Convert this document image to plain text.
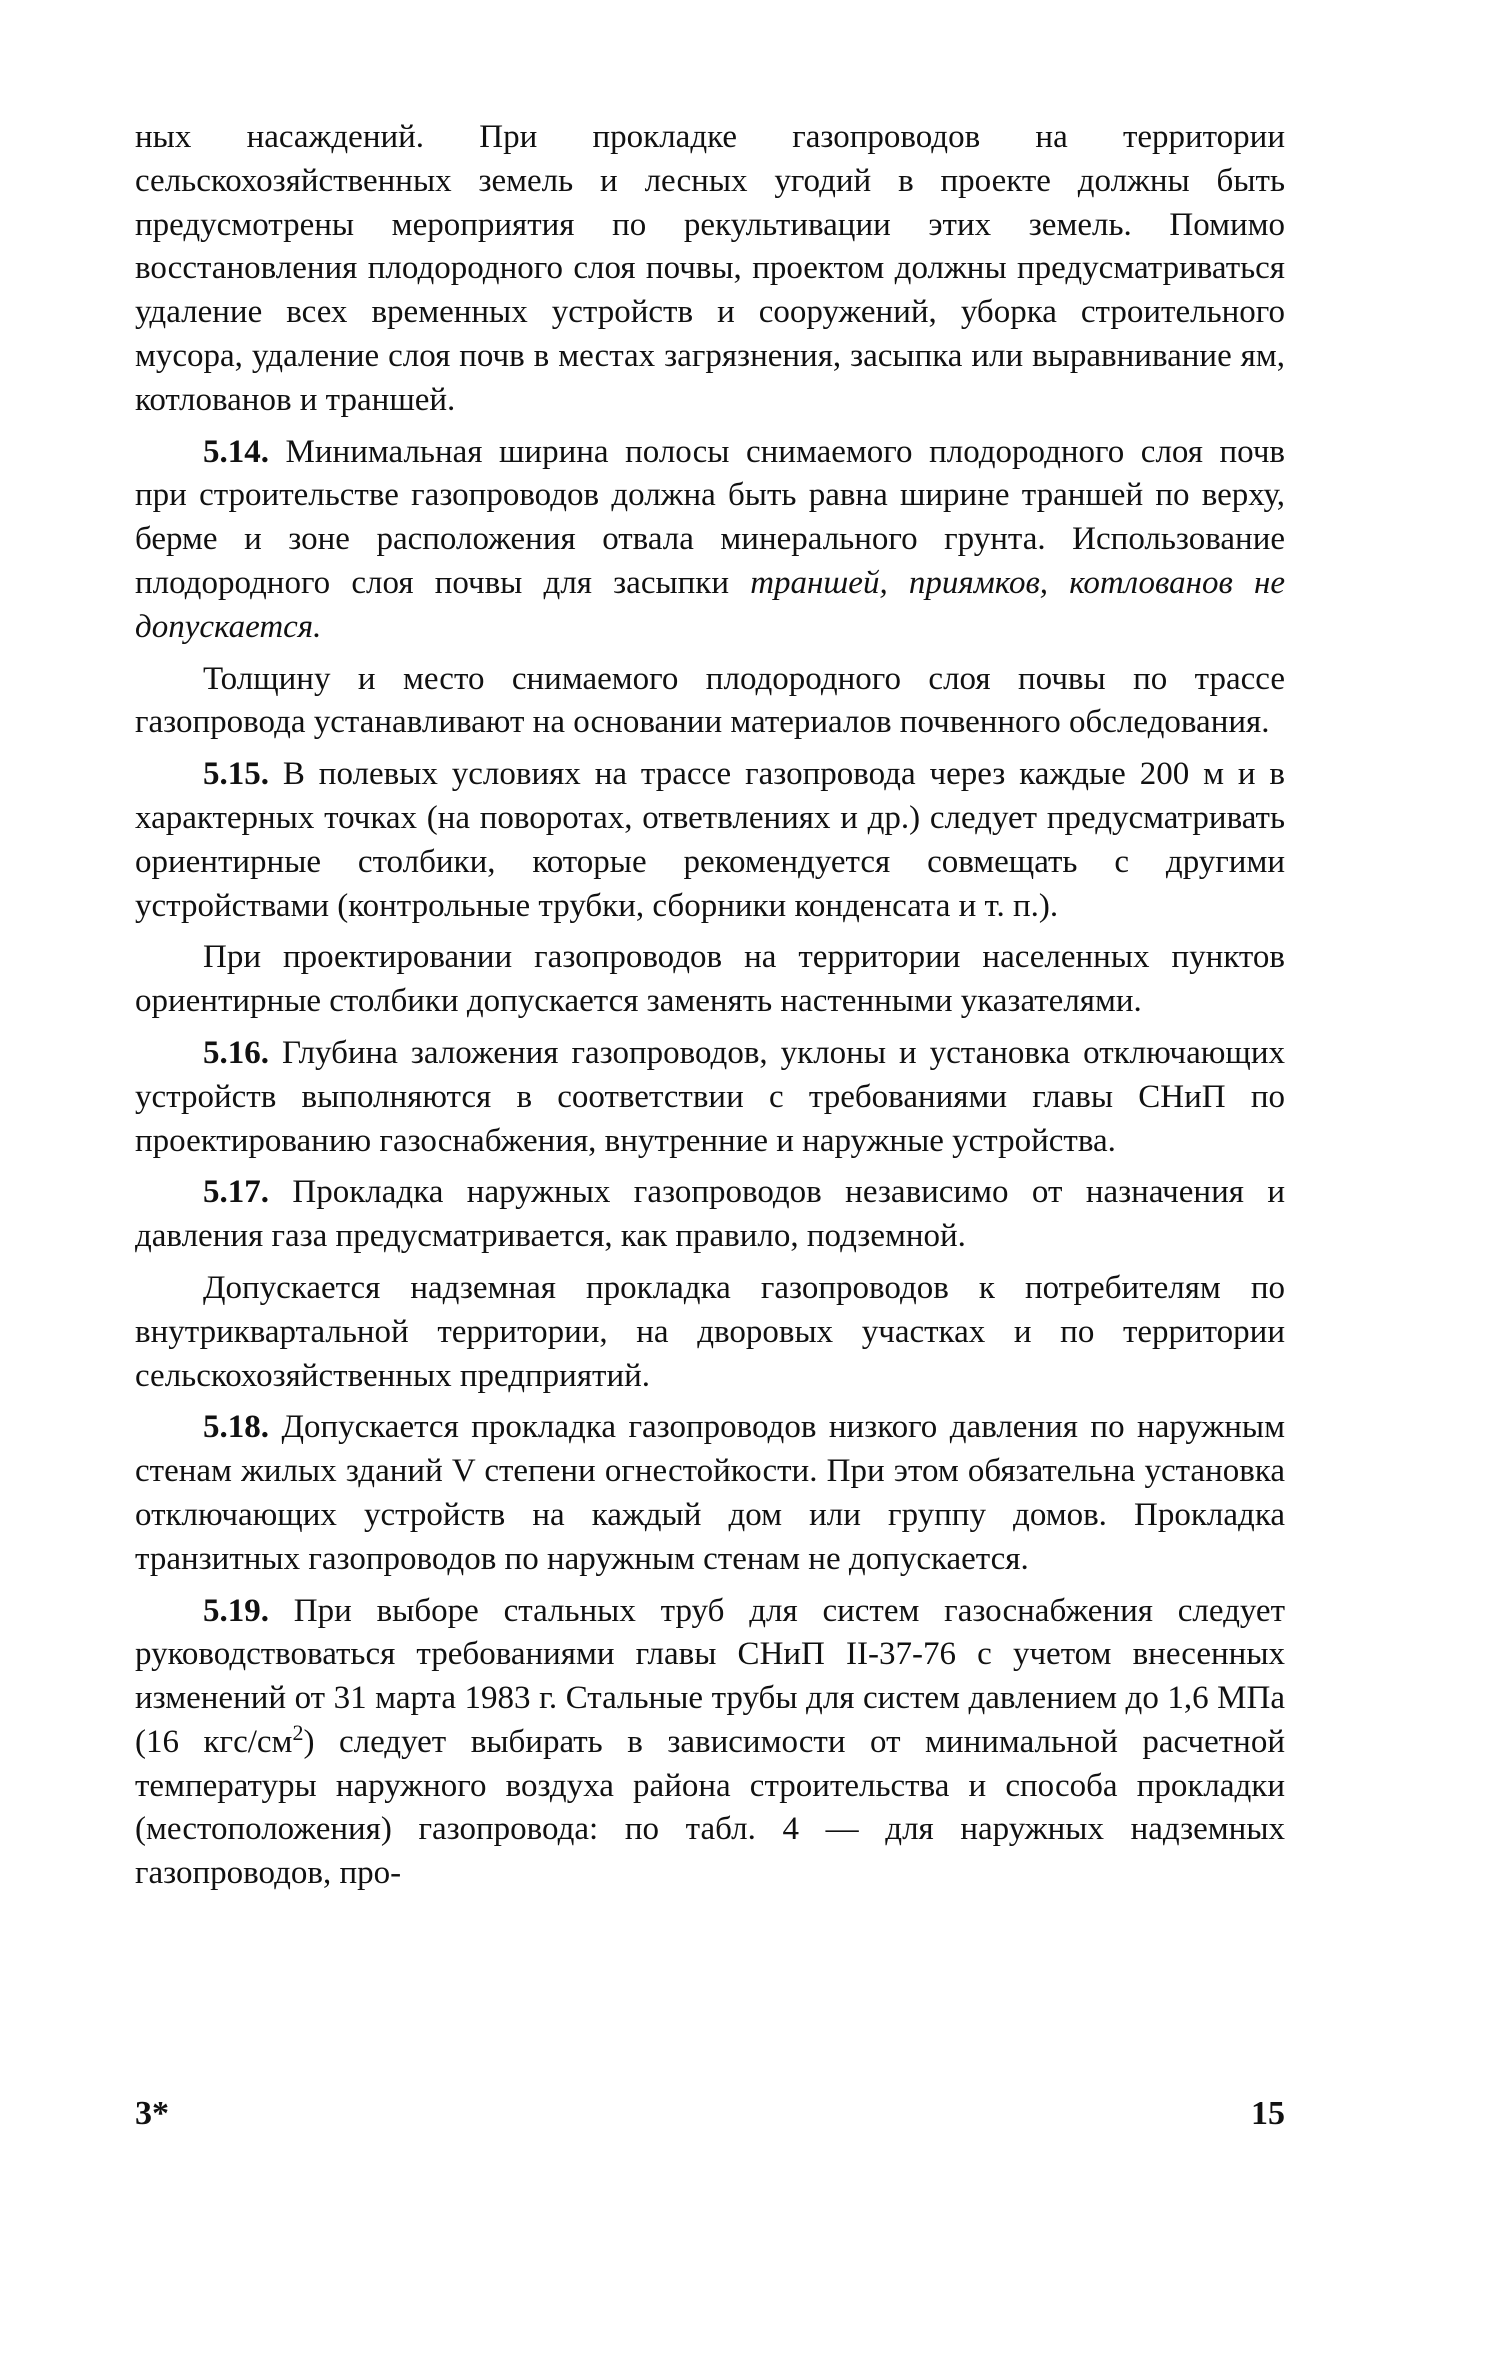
ных насаждений. При прокладке газопроводов на территории сельскохозяйственных земель и лесных угодий в проекте должны быть предусмотрены мероприятия по рекультивации этих земель. Помимо восстановления плодородного слоя почвы, проектом должны предусматриваться удаление всех временных устройств и сооружений, уборка строительного мусора, удаление слоя почв в местах загрязнения, засыпка или выравнивание ям, котлованов и траншей.

5.14. Минимальная ширина полосы снимаемого плодородного слоя почв при строительстве газопроводов должна быть равна ширине траншей по верху, берме и зоне расположения отвала минерального грунта. Использование плодородного слоя почвы для засыпки траншей, приямков, котлованов не допускается.

Толщину и место снимаемого плодородного слоя почвы по трассе газопровода устанавливают на основании материалов почвенного обследования.

5.15. В полевых условиях на трассе газопровода через каждые 200 м и в характерных точках (на поворотах, ответвлениях и др.) следует предусматривать ориентирные столбики, которые рекомендуется совмещать с другими устройствами (контрольные трубки, сборники конденсата и т. п.).

При проектировании газопроводов на территории населенных пунктов ориентирные столбики допускается заменять настенными указателями.

5.16. Глубина заложения газопроводов, уклоны и установка отключающих устройств выполняются в соответствии с требованиями главы СНиП по проектированию газоснабжения, внутренние и наружные устройства.

5.17. Прокладка наружных газопроводов независимо от назначения и давления газа предусматривается, как правило, подземной.

Допускается надземная прокладка газопроводов к потребителям по внутриквартальной территории, на дворовых участках и по территории сельскохозяйственных предприятий.

5.18. Допускается прокладка газопроводов низкого давления по наружным стенам жилых зданий V степени огнестойкости. При этом обязательна установка отключающих устройств на каждый дом или группу домов. Прокладка транзитных газопроводов по наружным стенам не допускается.

5.19. При выборе стальных труб для систем газоснабжения следует руководствоваться требованиями главы СНиП II-37-76 с учетом внесенных изменений от 31 марта 1983 г. Стальные трубы для систем давлением до 1,6 МПа (16 кгс/$см^2$) следует выбирать в зависимости от минимальной расчетной температуры наружного воздуха района строительства и способа прокладки (местоположения) газопровода: по табл. 4 — для наружных надземных газопроводов, про-

3*	15
